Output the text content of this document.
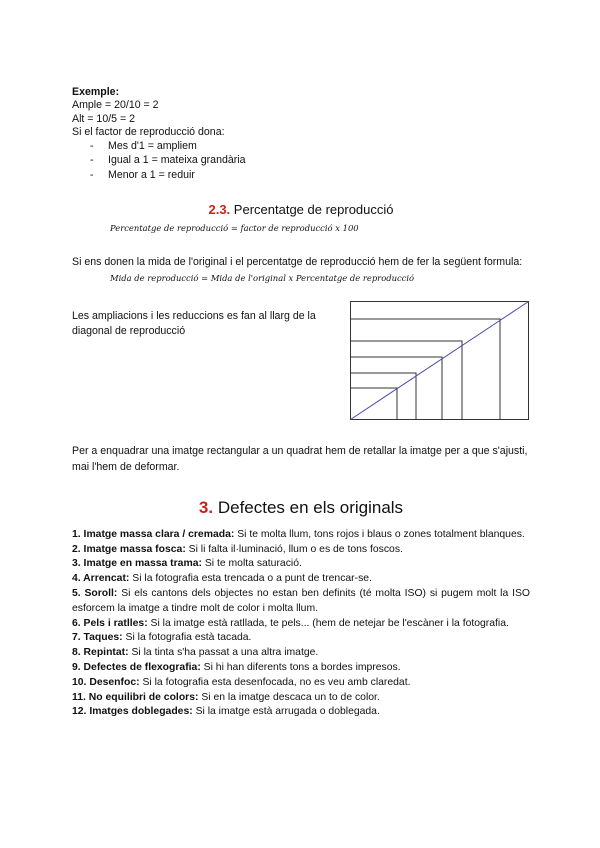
Exemple:

Ample = 20/10 = 2

Alt = 10/5 = 2

Si el factor de reproducció dona:

- Mes d'1 = ampliem
- Igual a 1 = mateixa grandària
- Menor a 1 = reduir
2.3. Percentatge de reproducció

Percentatge de reproducció = factor de reproducció x 100

Si ens donen la mida de l'original i el percentatge de reproducció hem de fer la següent formula:

Mida de reproducció = Mida de l'original x Percentatge de reproducció

Les ampliacions i les reduccions es fan al llarg de la diagonal de reproducció

Per a enquadrar una imatge rectangular a un quadrat hem de retallar la imatge per a que s'ajusti, mai l'hem de deformar.

3. Defectes en els originals
1. Imatge massa clara / cremada: Si te molta llum, tons rojos i blaus o zones totalment blanques.
2. Imatge massa fosca: Si li falta il·luminació, llum o es de tons foscos.
3. Imatge en massa trama: Si te molta saturació.
4. Arrencat: Si la fotografia esta trencada o a punt de trencar-se.
5. Soroll: Si els cantons dels objectes no estan ben definits (té molta ISO) si pugem molt la ISO esforcem la imatge a tindre molt de color i molta llum.
6. Pels i ratlles: Si la imatge està ratllada, te pels... (hem de netejar be l'escàner i la fotografia.
7. Taques: Si la fotografia està tacada.
8. Repintat: Si la tinta s'ha passat a una altra imatge.
9. Defectes de flexografia: Si hi han diferents tons a bordes impresos.
10. Desenfoc: Si la fotografia esta desenfocada, no es veu amb claredat.
11. No equilibri de colors: Si en la imatge descaca un to de color.
12. Imatges doblegades: Si la imatge està arrugada o doblegada.
